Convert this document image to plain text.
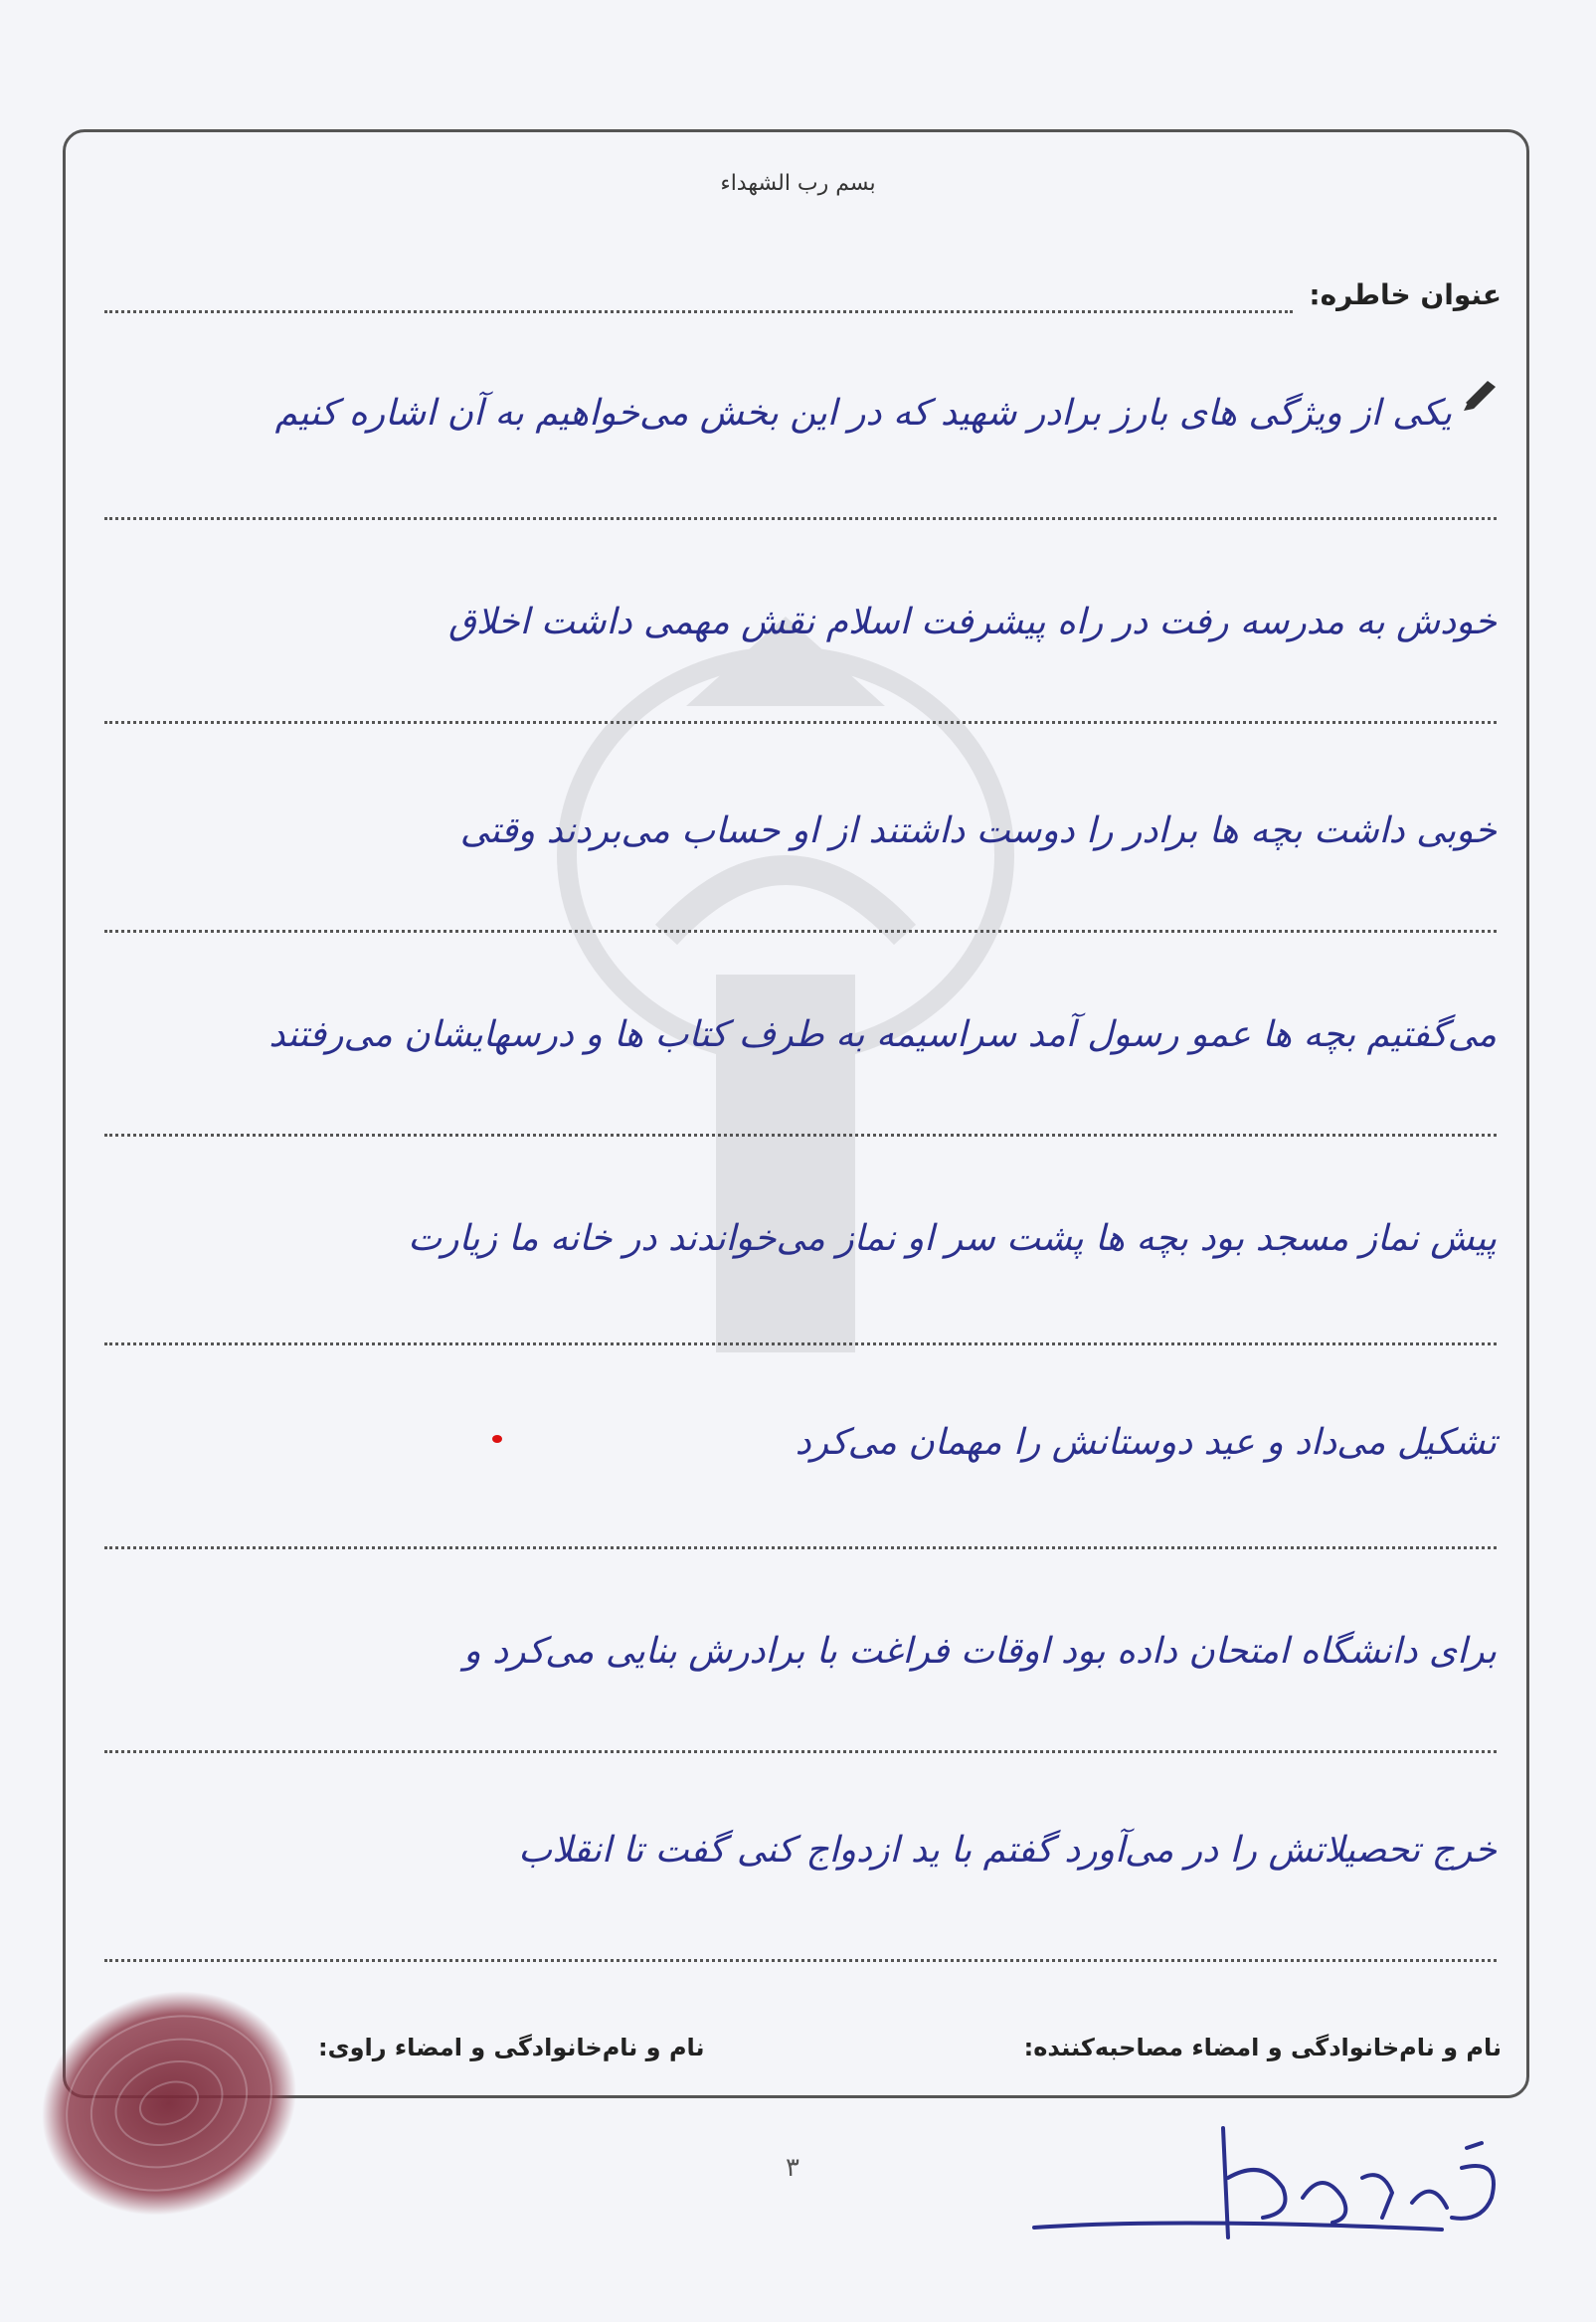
بسم رب الشهداء
عنوان خاطره:
یکی از ویژگی های بارز برادر شهید که در این بخش می‌خواهیم به آن اشاره کنیم
خودش به مدرسه رفت در راه پیشرفت اسلام نقش مهمی داشت اخلاق
خوبی داشت بچه ها برادر را دوست داشتند از او حساب می‌بردند وقتی
می‌گفتیم بچه ها عمو رسول آمد سراسیمه به طرف کتاب ها و درسهایشان می‌رفتند
پیش نماز مسجد بود بچه ها پشت سر او نماز می‌خواندند در خانه ما زیارت
تشکیل می‌داد و عید دوستانش را مهمان می‌کرد
برای دانشگاه امتحان داده بود اوقات فراغت با برادرش بنایی می‌کرد و
خرج تحصیلاتش را در می‌آورد گفتم با ید ازدواج کنی گفت تا انقلاب
نام و نام‌خانوادگی و امضاء مصاحبه‌کننده:
نام و نام‌خانوادگی و امضاء راوی:
۳
